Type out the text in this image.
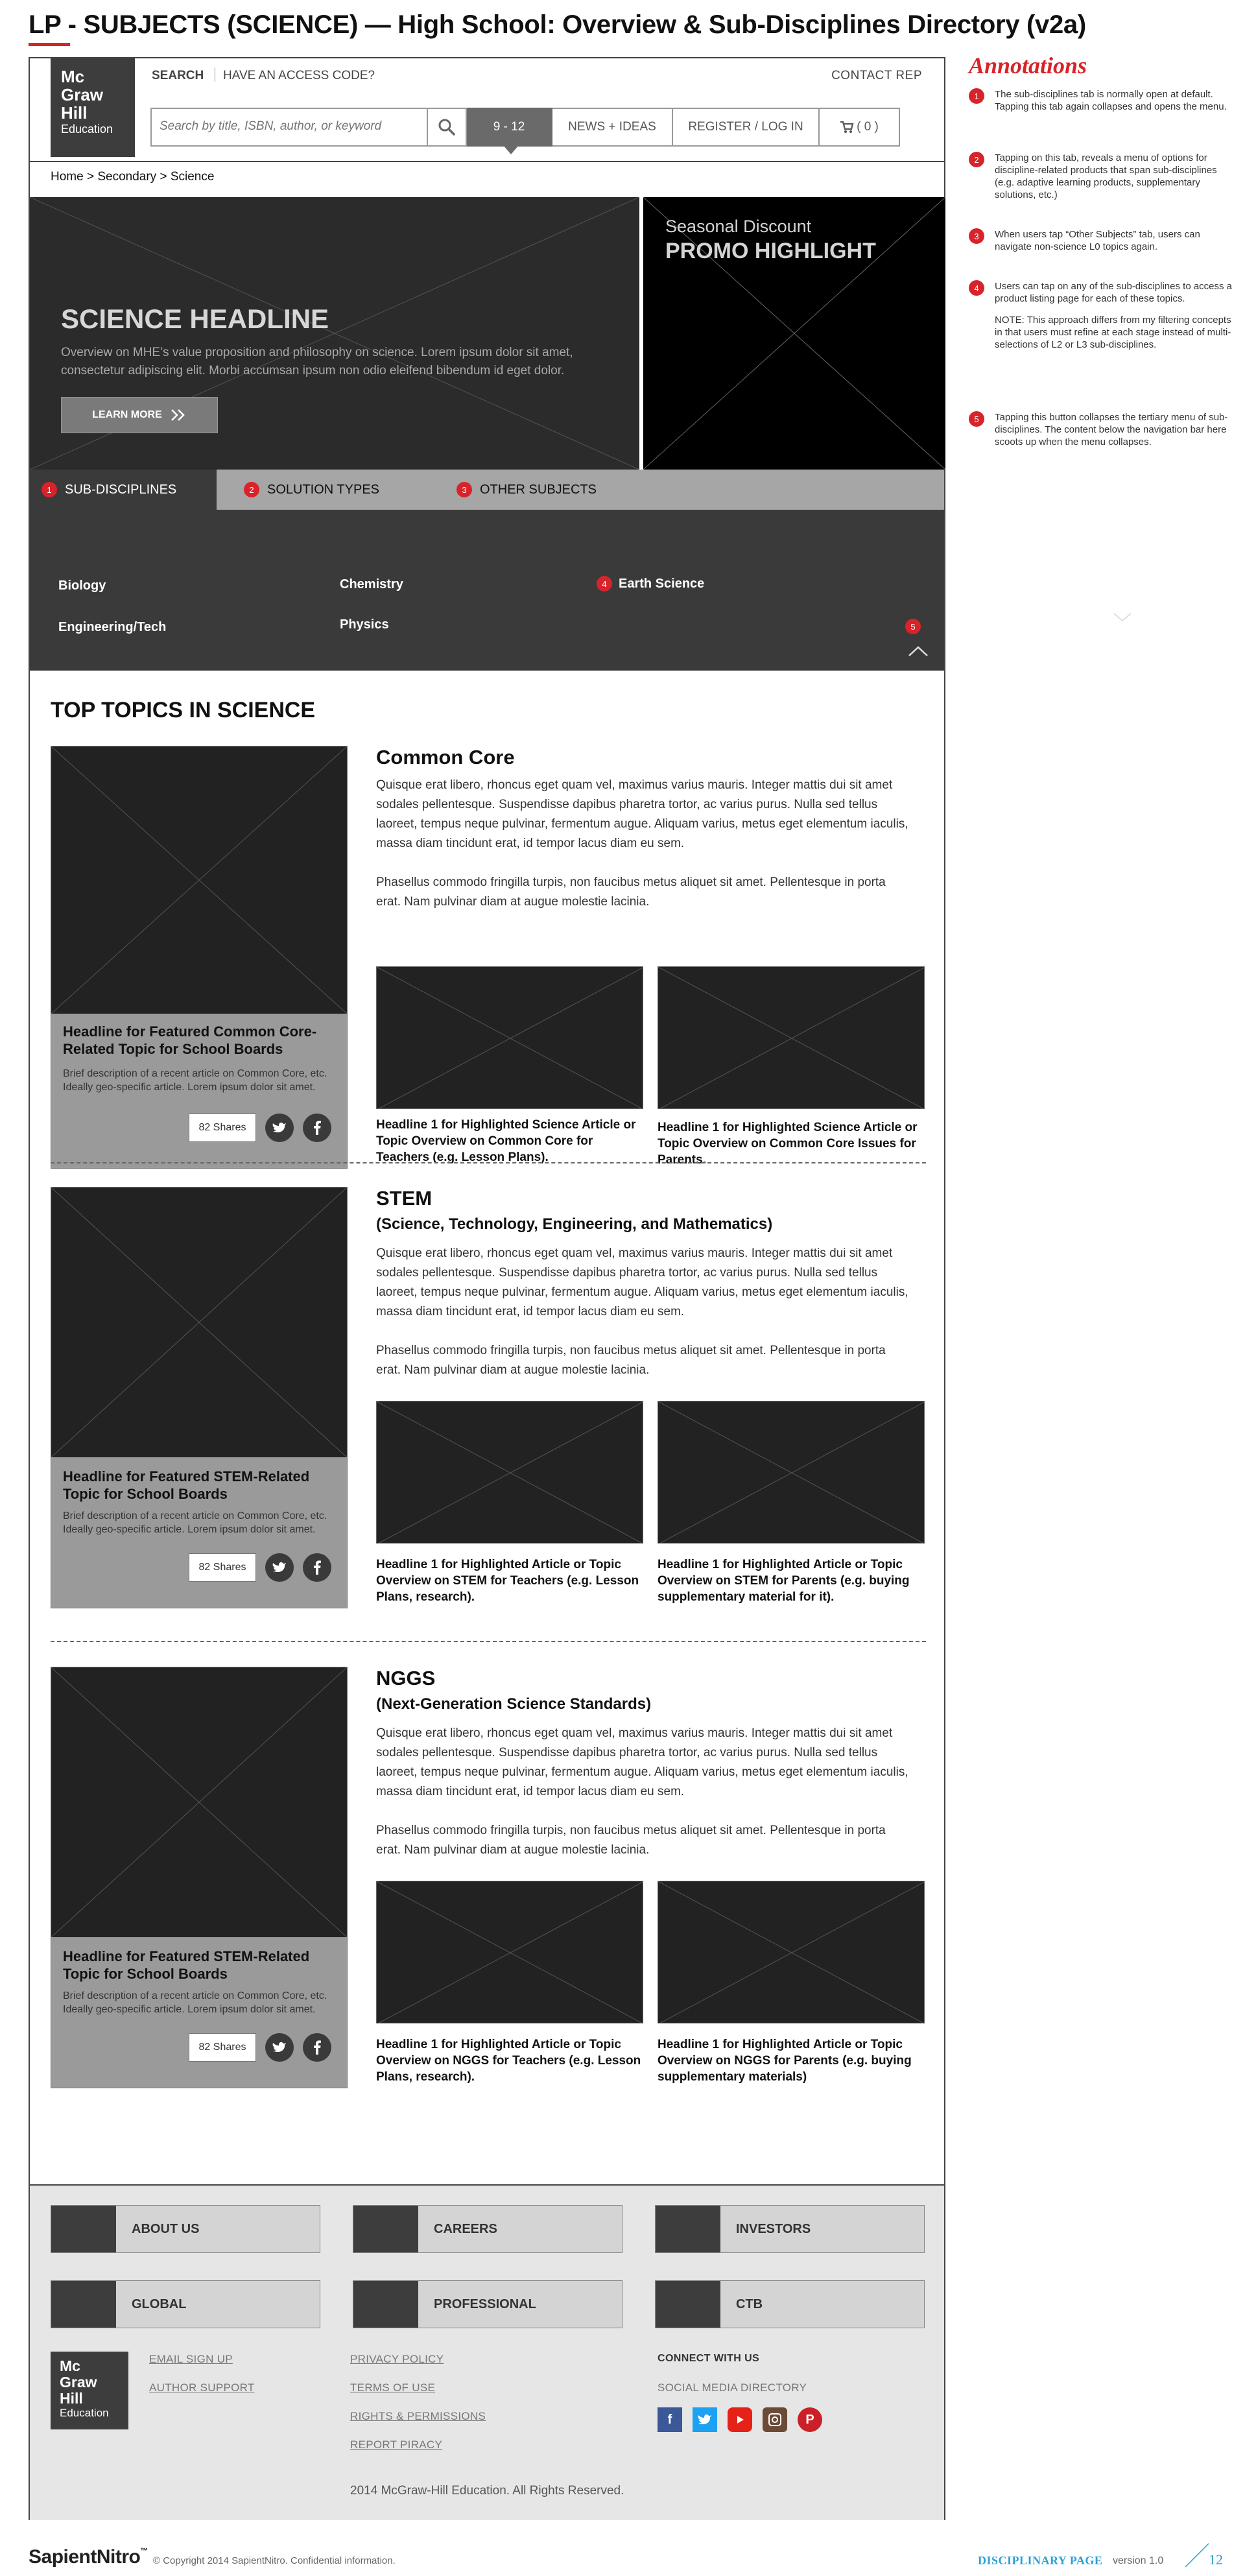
LP - SUBJECTS (SCIENCE) — High School: Overview & Sub-Disciplines Directory (v2a)
Mc
Graw
Hill
Education
SEARCH HAVE AN ACCESS CODE?	CONTACT REP
Search by title, ISBN, author, or keyword
9 - 12	NEWS + IDEAS	REGISTER / LOG IN	( 0 )
Home > Secondary > Science
SCIENCE HEADLINE
Overview on MHE’s value proposition and philosophy on science. Lorem ipsum dolor sit amet, consectetur adipiscing elit. Morbi accumsan ipsum non odio eleifend bibendum id eget dolor.
LEARN MORE
Seasonal Discount
PROMO HIGHLIGHT
1	SUB-DISCIPLINES	2	SOLUTION TYPES	3	OTHER SUBJECTS
Biology	Chemistry	4 Earth Science
Engineering/Tech	Physics	5
TOP TOPICS IN SCIENCE
Headline for Featured Common Core-Related Topic for School Boards
Brief description of a recent article on Common Core, etc. Ideally geo-specific article. Lorem ipsum dolor sit amet.
82 Shares
Common Core
Quisque erat libero, rhoncus eget quam vel, maximus varius mauris. Integer mattis dui sit amet sodales pellentesque. Suspendisse dapibus pharetra tortor, ac varius purus. Nulla sed tellus laoreet, tempus neque pulvinar, fermentum augue. Aliquam varius, metus eget elementum iaculis, massa diam tincidunt erat, id tempor lacus diam eu sem.
Phasellus commodo fringilla turpis, non faucibus metus aliquet sit amet. Pellentesque in porta erat. Nam pulvinar diam at augue molestie lacinia.
Headline 1 for Highlighted Science Article or Topic Overview on Common Core for Teachers (e.g. Lesson Plans).
Headline 1 for Highlighted Science Article or Topic Overview on Common Core Issues for Parents.
Headline for Featured STEM-Related Topic for School Boards
Brief description of a recent article on Common Core, etc. Ideally geo-specific article. Lorem ipsum dolor sit amet.
82 Shares
STEM
(Science, Technology, Engineering, and Mathematics)
Quisque erat libero, rhoncus eget quam vel, maximus varius mauris. Integer mattis dui sit amet sodales pellentesque. Suspendisse dapibus pharetra tortor, ac varius purus. Nulla sed tellus laoreet, tempus neque pulvinar, fermentum augue. Aliquam varius, metus eget elementum iaculis, massa diam tincidunt erat, id tempor lacus diam eu sem.
Phasellus commodo fringilla turpis, non faucibus metus aliquet sit amet. Pellentesque in porta erat. Nam pulvinar diam at augue molestie lacinia.
Headline 1 for Highlighted Article or Topic Overview on STEM for Teachers (e.g. Lesson Plans, research).
Headline 1 for Highlighted Article or Topic Overview on STEM for Parents (e.g. buying supplementary material for it).
Headline for Featured STEM-Related Topic for School Boards
Brief description of a recent article on Common Core, etc. Ideally geo-specific article. Lorem ipsum dolor sit amet.
82 Shares
NGGS
(Next-Generation Science Standards)
Quisque erat libero, rhoncus eget quam vel, maximus varius mauris. Integer mattis dui sit amet sodales pellentesque. Suspendisse dapibus pharetra tortor, ac varius purus. Nulla sed tellus laoreet, tempus neque pulvinar, fermentum augue. Aliquam varius, metus eget elementum iaculis, massa diam tincidunt erat, id tempor lacus diam eu sem.
Phasellus commodo fringilla turpis, non faucibus metus aliquet sit amet. Pellentesque in porta erat. Nam pulvinar diam at augue molestie lacinia.
Headline 1 for Highlighted Article or Topic Overview on NGGS for Teachers (e.g. Lesson Plans, research).
Headline 1 for Highlighted Article or Topic Overview on NGGS for Parents (e.g. buying supplementary materials)
ABOUT US	CAREERS	INVESTORS
GLOBAL	PROFESSIONAL	CTB
Mc
Graw
Hill
Education
EMAIL SIGN UP
AUTHOR SUPPORT
PRIVACY POLICY
TERMS OF USE
RIGHTS & PERMISSIONS
REPORT PIRACY
CONNECT WITH US
SOCIAL MEDIA DIRECTORY
f	P
2014 McGraw-Hill Education. All Rights Reserved.
Annotations
1	The sub-disciplines tab is normally open at default. Tapping this tab again collapses and opens the menu.

2	Tapping on this tab, reveals a menu of options for discipline-related products that span sub-disciplines (e.g. adaptive learning products, supplementary solutions, etc.)

3	When users tap “Other Subjects” tab, users can navigate non-science L0 topics again.

4	Users can tap on any of the sub-disciplines to access a product listing page for each of these topics.

NOTE: This approach differs from my filtering concepts in that users must refine at each stage instead of multi-selections of L2 or L3 sub-disciplines.

5	Tapping this button collapses the tertiary menu of sub-disciplines. The content below the navigation bar here scoots up when the menu collapses.

SapientNitro™
© Copyright 2014 SapientNitro. Confidential information.	DISCIPLINARY PAGE version 1.0	12
